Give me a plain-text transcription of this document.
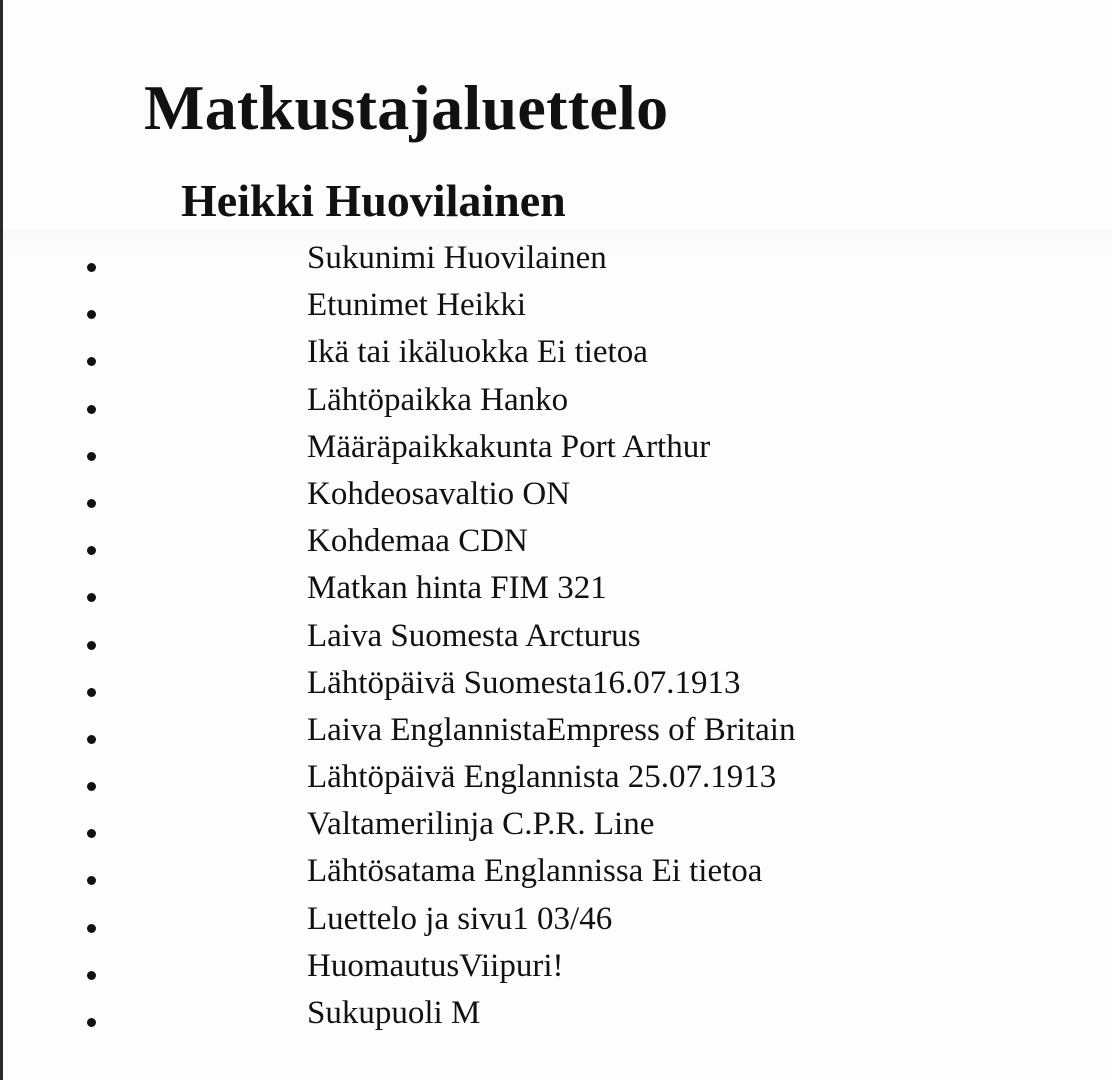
Matkustajaluettelo
Heikki Huovilainen
Sukunimi Huovilainen
Etunimet Heikki
Ikä tai ikäluokka Ei tietoa
Lähtöpaikka Hanko
Määräpaikkakunta Port Arthur
Kohdeosavaltio ON
Kohdemaa CDN
Matkan hinta FIM 321
Laiva Suomesta Arcturus
Lähtöpäivä Suomesta16.07.1913
Laiva EnglannistaEmpress of Britain
Lähtöpäivä Englannista 25.07.1913
Valtamerilinja C.P.R. Line
Lähtösatama Englannissa Ei tietoa
Luettelo ja sivu1 03/46
HuomautusViipuri!
Sukupuoli M
